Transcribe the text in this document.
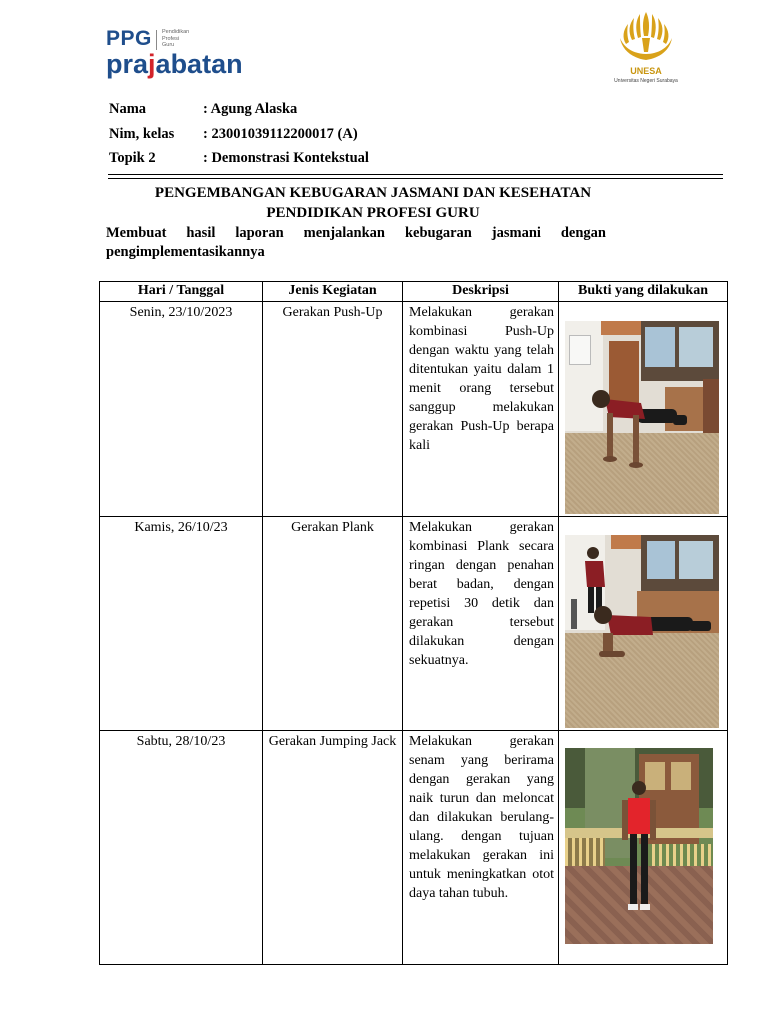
PPG Pendidikan
Profesi
Guru
prajabatan	UNESA
Universitas Negeri Surabaya
Nama	: Agung Alaska
Nim, kelas : 23001039112200017 (A)
Topik 2	: Demonstrasi Kontekstual
PENGEMBANGAN KEBUGARAN JASMANI DAN KESEHATAN
PENDIDIKAN PROFESI GURU
Membuat hasil laporan menjalankan kebugaran jasmani dengan pengimplementasikannya
Hari / Tanggal	Jenis Kegiatan	Deskripsi	Bukti yang dilakukan
Senin, 23/10/2023	Gerakan Push-Up	Melakukan gerakan kombinasi Push-Up dengan waktu yang telah ditentukan yaitu dalam 1 menit orang tersebut sanggup melakukan gerakan Push-Up berapa kali	

Kamis, 26/10/23	Gerakan Plank	Melakukan gerakan kombinasi Plank secara ringan dengan penahan berat badan, dengan repetisi 30 detik dan gerakan tersebut dilakukan dengan sekuatnya.	

Sabtu, 28/10/23	Gerakan Jumping Jack	Melakukan gerakan senam yang berirama dengan gerakan yang naik turun dan meloncat dan dilakukan berulang-ulang. dengan tujuan melakukan gerakan ini untuk meningkatkan otot daya tahan tubuh.	
